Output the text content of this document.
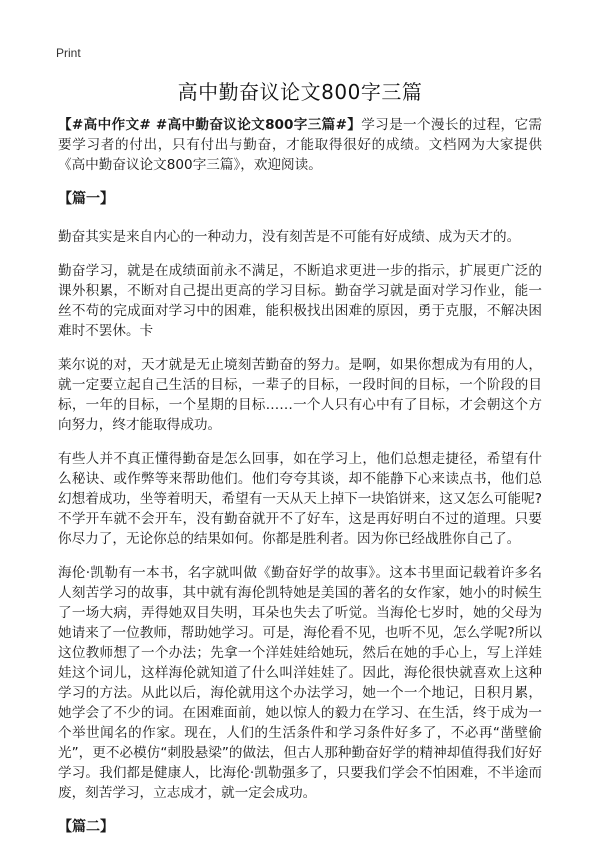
Print
高中勤奋议论文800字三篇

【#高中作文# #高中勤奋议论文800字三篇#】学习是一个漫长的过程，它需要学习者的付出，只有付出与勤奋，才能取得很好的成绩。文档网为大家提供《高中勤奋议论文800字三篇》，欢迎阅读。

【篇一】

勤奋其实是来自内心的一种动力，没有刻苦是不可能有好成绩、成为天才的。

勤奋学习，就是在成绩面前永不满足，不断追求更进一步的指示，扩展更广泛的课外积累，不断对自己提出更高的学习目标。勤奋学习就是面对学习作业，能一丝不苟的完成面对学习中的困难，能积极找出困难的原因，勇于克服，不解决困难时不罢休。卡

莱尔说的对，天才就是无止境刻苦勤奋的努力。是啊，如果你想成为有用的人，就一定要立起自己生活的目标，一辈子的目标，一段时间的目标，一个阶段的目标，一年的目标，一个星期的目标……一个人只有心中有了目标，才会朝这个方向努力，终才能取得成功。

有些人并不真正懂得勤奋是怎么回事，如在学习上，他们总想走捷径，希望有什么秘诀、或作弊等来帮助他们。他们夸夸其谈，却不能静下心来读点书，他们总幻想着成功，坐等着明天，希望有一天从天上掉下一块馅饼来，这又怎么可能呢?不学开车就不会开车，没有勤奋就开不了好车，这是再好明白不过的道理。只要你尽力了，无论你总的结果如何。你都是胜利者。因为你已经战胜你自己了。

海伦·凯勒有一本书，名字就叫做《勤奋好学的故事》。这本书里面记载着许多名人刻苦学习的故事，其中就有海伦凯特她是美国的著名的女作家，她小的时候生了一场大病，弄得她双目失明，耳朵也失去了听觉。当海伦七岁时，她的父母为她请来了一位教师，帮助她学习。可是，海伦看不见，也听不见，怎么学呢?所以这位教师想了一个办法；先拿一个洋娃娃给她玩，然后在她的手心上，写上洋娃娃这个词儿，这样海伦就知道了什么叫洋娃娃了。因此，海伦很快就喜欢上这种学习的方法。从此以后，海伦就用这个办法学习，她一个一个地记，日积月累，她学会了不少的词。在困难面前，她以惊人的毅力在学习、在生活，终于成为一个举世闻名的作家。现在，人们的生活条件和学习条件好多了，不必再“凿壁偷光”，更不必模仿“刺股悬梁”的做法，但古人那种勤奋好学的精神却值得我们好好学习。我们都是健康人，比海伦·凯勒强多了，只要我们学会不怕困难，不半途而废，刻苦学习，立志成才，就一定会成功。

【篇二】
